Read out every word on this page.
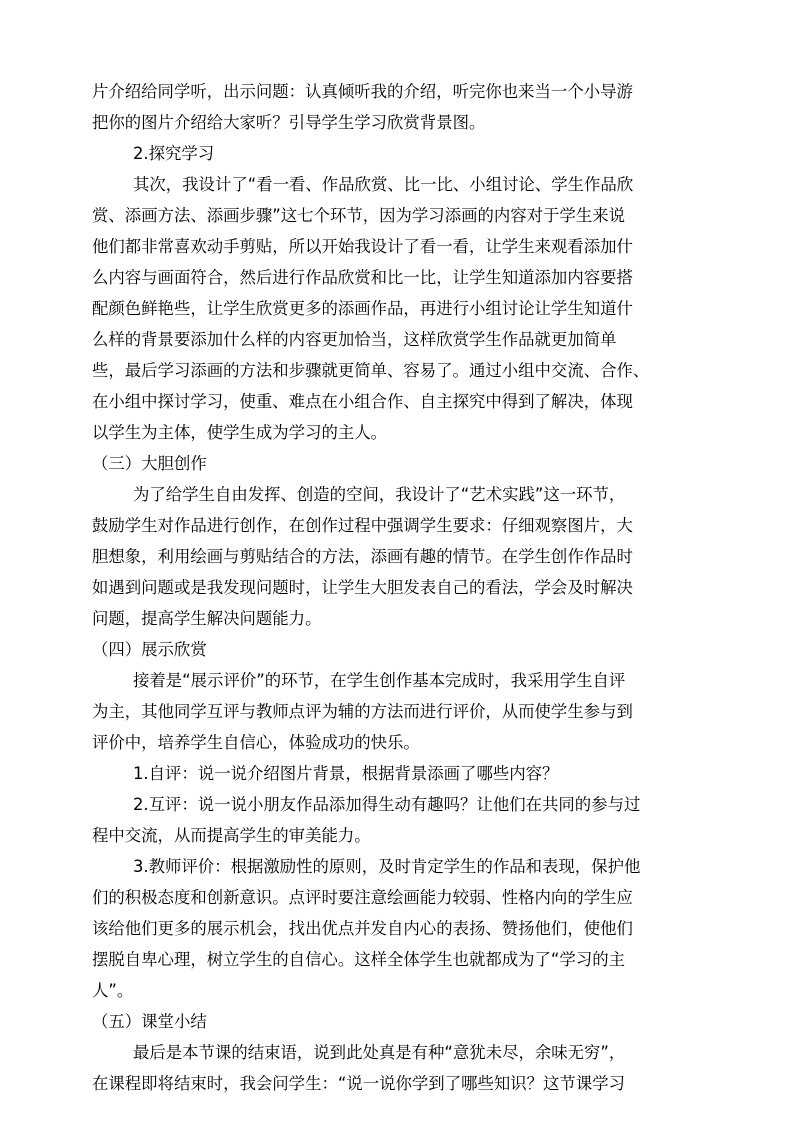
片介绍给同学听，出示问题：认真倾听我的介绍，听完你也来当一个小导游
把你的图片介绍给大家听？引导学生学习欣赏背景图。
2.探究学习
其次，我设计了“看一看、作品欣赏、比一比、小组讨论、学生作品欣
赏、添画方法、添画步骤”这七个环节，因为学习添画的内容对于学生来说
他们都非常喜欢动手剪贴，所以开始我设计了看一看，让学生来观看添加什
么内容与画面符合，然后进行作品欣赏和比一比，让学生知道添加内容要搭
配颜色鲜艳些，让学生欣赏更多的添画作品，再进行小组讨论让学生知道什
么样的背景要添加什么样的内容更加恰当，这样欣赏学生作品就更加简单
些，最后学习添画的方法和步骤就更简单、容易了。通过小组中交流、合作、
在小组中探讨学习，使重、难点在小组合作、自主探究中得到了解决，体现
以学生为主体，使学生成为学习的主人。
（三）大胆创作
为了给学生自由发挥、创造的空间，我设计了“艺术实践”这一环节，
鼓励学生对作品进行创作，在创作过程中强调学生要求：仔细观察图片，大
胆想象，利用绘画与剪贴结合的方法，添画有趣的情节。在学生创作作品时
如遇到问题或是我发现问题时，让学生大胆发表自己的看法，学会及时解决
问题，提高学生解决问题能力。
（四）展示欣赏
接着是“展示评价”的环节，在学生创作基本完成时，我采用学生自评
为主，其他同学互评与教师点评为辅的方法而进行评价，从而使学生参与到
评价中，培养学生自信心，体验成功的快乐。
1.自评：说一说介绍图片背景，根据背景添画了哪些内容？
2.互评：说一说小朋友作品添加得生动有趣吗？让他们在共同的参与过
程中交流，从而提高学生的审美能力。
3.教师评价：根据激励性的原则，及时肯定学生的作品和表现，保护他
们的积极态度和创新意识。点评时要注意绘画能力较弱、性格内向的学生应
该给他们更多的展示机会，找出优点并发自内心的表扬、赞扬他们，使他们
摆脱自卑心理，树立学生的自信心。这样全体学生也就都成为了“学习的主
人”。
（五）课堂小结
最后是本节课的结束语，说到此处真是有种“意犹未尽，余味无穷”，
在课程即将结束时，我会问学生：“说一说你学到了哪些知识？这节课学习
